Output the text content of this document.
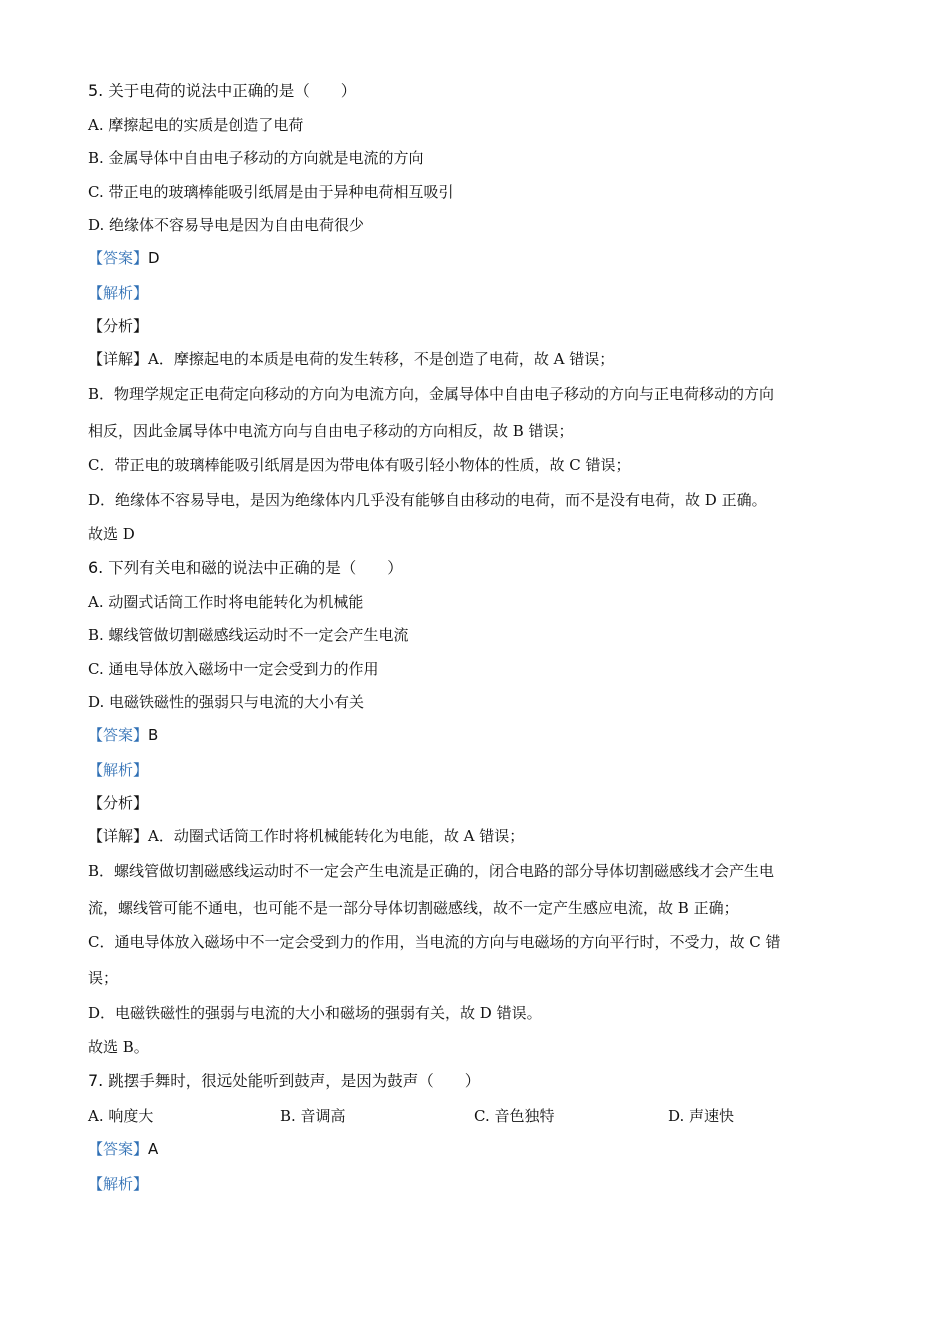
5. 关于电荷的说法中正确的是（　　）
A. 摩擦起电的实质是创造了电荷
B. 金属导体中自由电子移动的方向就是电流的方向
C. 带正电的玻璃棒能吸引纸屑是由于异种电荷相互吸引
D. 绝缘体不容易导电是因为自由电荷很少
【答案】D
【解析】
【分析】
【详解】A．摩擦起电的本质是电荷的发生转移，不是创造了电荷，故 A 错误；
B．物理学规定正电荷定向移动的方向为电流方向，金属导体中自由电子移动的方向与正电荷移动的方向
相反，因此金属导体中电流方向与自由电子移动的方向相反，故 B 错误；
C．带正电的玻璃棒能吸引纸屑是因为带电体有吸引轻小物体的性质，故 C 错误；
D．绝缘体不容易导电，是因为绝缘体内几乎没有能够自由移动的电荷，而不是没有电荷，故 D 正确。
故选 D
6. 下列有关电和磁的说法中正确的是（　　）
A. 动圈式话筒工作时将电能转化为机械能
B. 螺线管做切割磁感线运动时不一定会产生电流
C. 通电导体放入磁场中一定会受到力的作用
D. 电磁铁磁性的强弱只与电流的大小有关
【答案】B
【解析】
【分析】
【详解】A．动圈式话筒工作时将机械能转化为电能，故 A 错误；
B．螺线管做切割磁感线运动时不一定会产生电流是正确的，闭合电路的部分导体切割磁感线才会产生电
流，螺线管可能不通电，也可能不是一部分导体切割磁感线，故不一定产生感应电流，故 B 正确；
C．通电导体放入磁场中不一定会受到力的作用，当电流的方向与电磁场的方向平行时，不受力，故 C 错
误；
D．电磁铁磁性的强弱与电流的大小和磁场的强弱有关，故 D 错误。
故选 B。
7. 跳摆手舞时，很远处能听到鼓声，是因为鼓声（　　）
A. 响度大	B. 音调高	C. 音色独特	D. 声速快
【答案】A
【解析】
